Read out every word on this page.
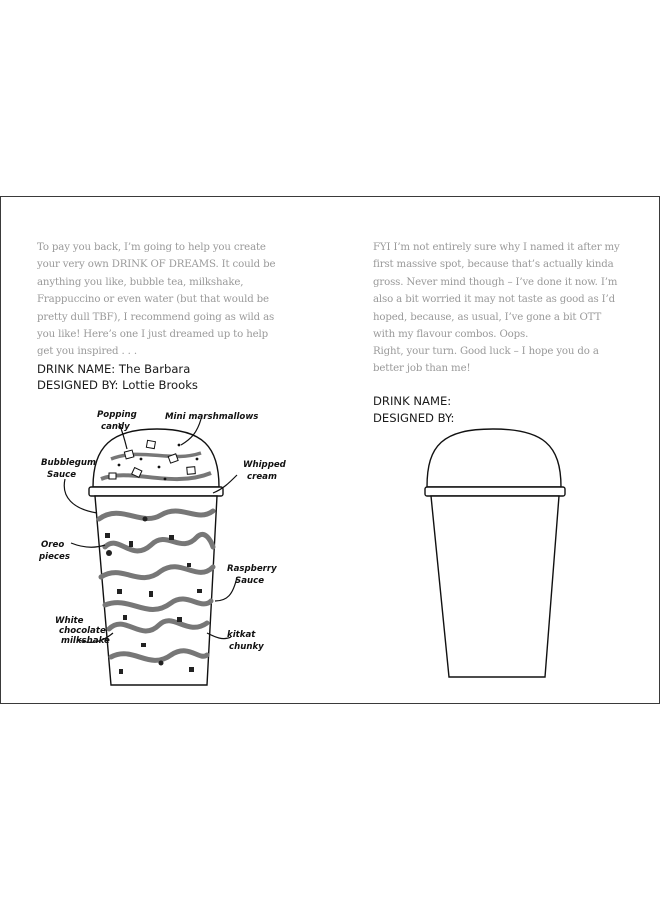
To pay you back, I’m going to help you create your very own DRINK OF DREAMS. It could be anything you like, bubble tea, milkshake, Frappuccino or even water (but that would be pretty dull TBF), I recommend going as wild as you like! Here’s one I just dreamed up to help get you inspired . . .

DRINK NAME: The Barbara

DESIGNED BY: Lottie Brooks

Popping
candy
Mini marshmallows
Bubblegum
Sauce
Whipped
cream
Oreo
pieces
Raspberry
Sauce
White
chocolate
milkshake
kitkat
chunky

FYI I’m not entirely sure why I named it after my first massive spot, because that’s actually kinda gross. Never mind though – I’ve done it now. I’m also a bit worried it may not taste as good as I’d hoped, because, as usual, I’ve gone a bit OTT with my flavour combos. Oops.

Right, your turn. Good luck – I hope you do a better job than me!

DRINK NAME:

DESIGNED BY:
